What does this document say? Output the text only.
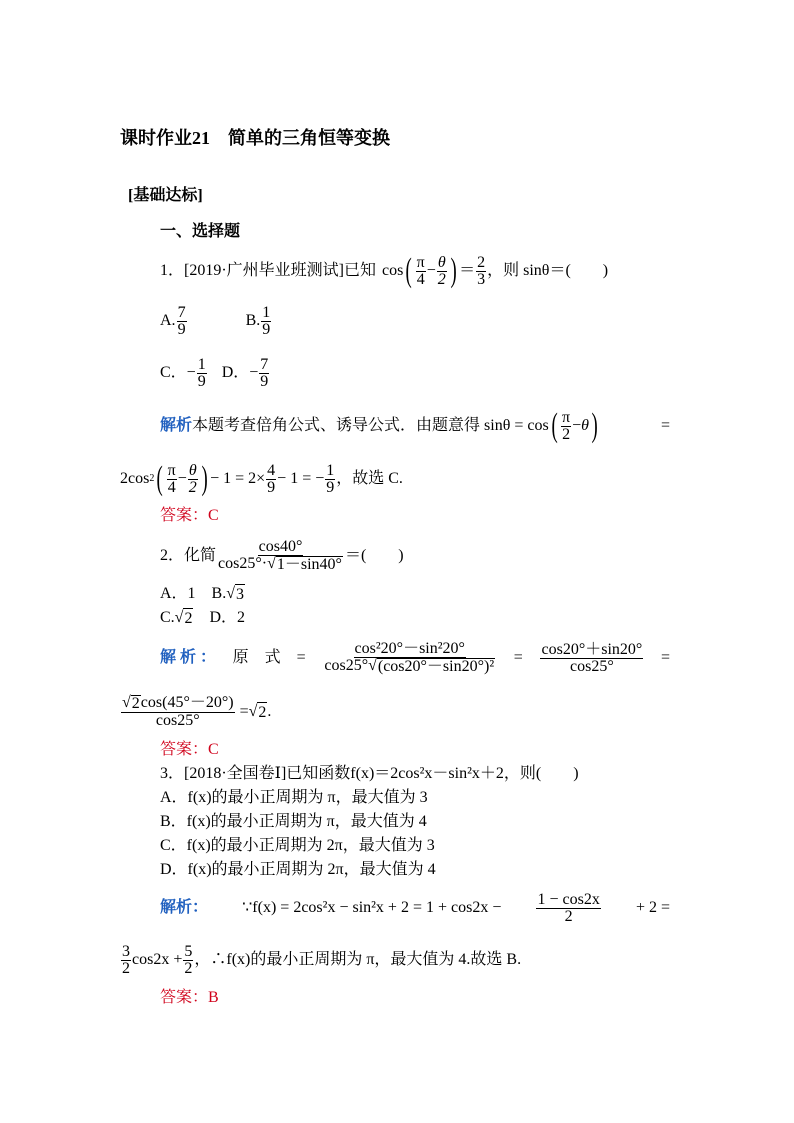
课时作业21　简单的三角恒等变换
[基础达标]
一、选择题
1．[2019·广州毕业班测试]已知 cos ( $\frac{\pi}{4} - \frac{\theta}{2}$ ) ＝ $\frac{2}{3}$ ，则 sinθ＝(　　)
A. $\frac{7}{9}$	B. $\frac{1}{9}$
C．− $\frac{1}{9}$ D．− $\frac{7}{9}$
解析 本题考查倍角公式、诱导公式．由题意得 sinθ = cos ( $\frac{\pi}{2} - \theta$ )	=
2cos 2 ( $\frac{\pi}{4} - \frac{\theta}{2}$ ) − $1 = 2\times \frac{4}{9} - 1$ = − $\frac{1}{9}$ ，故选 C.
答案：C
2．化简 $\frac{\cos 40^\circ}{\cos 25^\circ\cdot√ 1-\sin 40^\circ}$ ＝(　　)
A．1　B.√ 3
C.√ 2 　D．2
解 析 ： 原　式　= $\frac{\text{cos²20°－sin²20°}}{\text{cos25°√ (cos20°－sin20°)²}} = \frac{\cos 20^\circ+\sin 20^\circ}{\cos 25^\circ}$ =
$\frac{√ 2 \cos(45^\circ-20^\circ)}{\cos 25^\circ}$ = √ 2 .
答案：C
3．[2018·全国卷Ⅰ]已知函数f(x)＝2cos²x－sin²x＋2，则(　　)
A．f(x)的最小正周期为 π，最大值为 3
B．f(x)的最小正周期为 π，最大值为 4
C．f(x)的最小正周期为 2π，最大值为 3
D．f(x)的最小正周期为 2π，最大值为 4
解析： ∵f(x) = $2\cos^2x - \sin^2x + 2 = 1 + \cos 2x - \frac{1 - \cos 2x}{2} + 2$ =
$\frac{3}{2} \cos 2x + \frac{5}{2}$ ，∴f(x)的最小正周期为 π，最大值为 4.故选 B.
答案：B
